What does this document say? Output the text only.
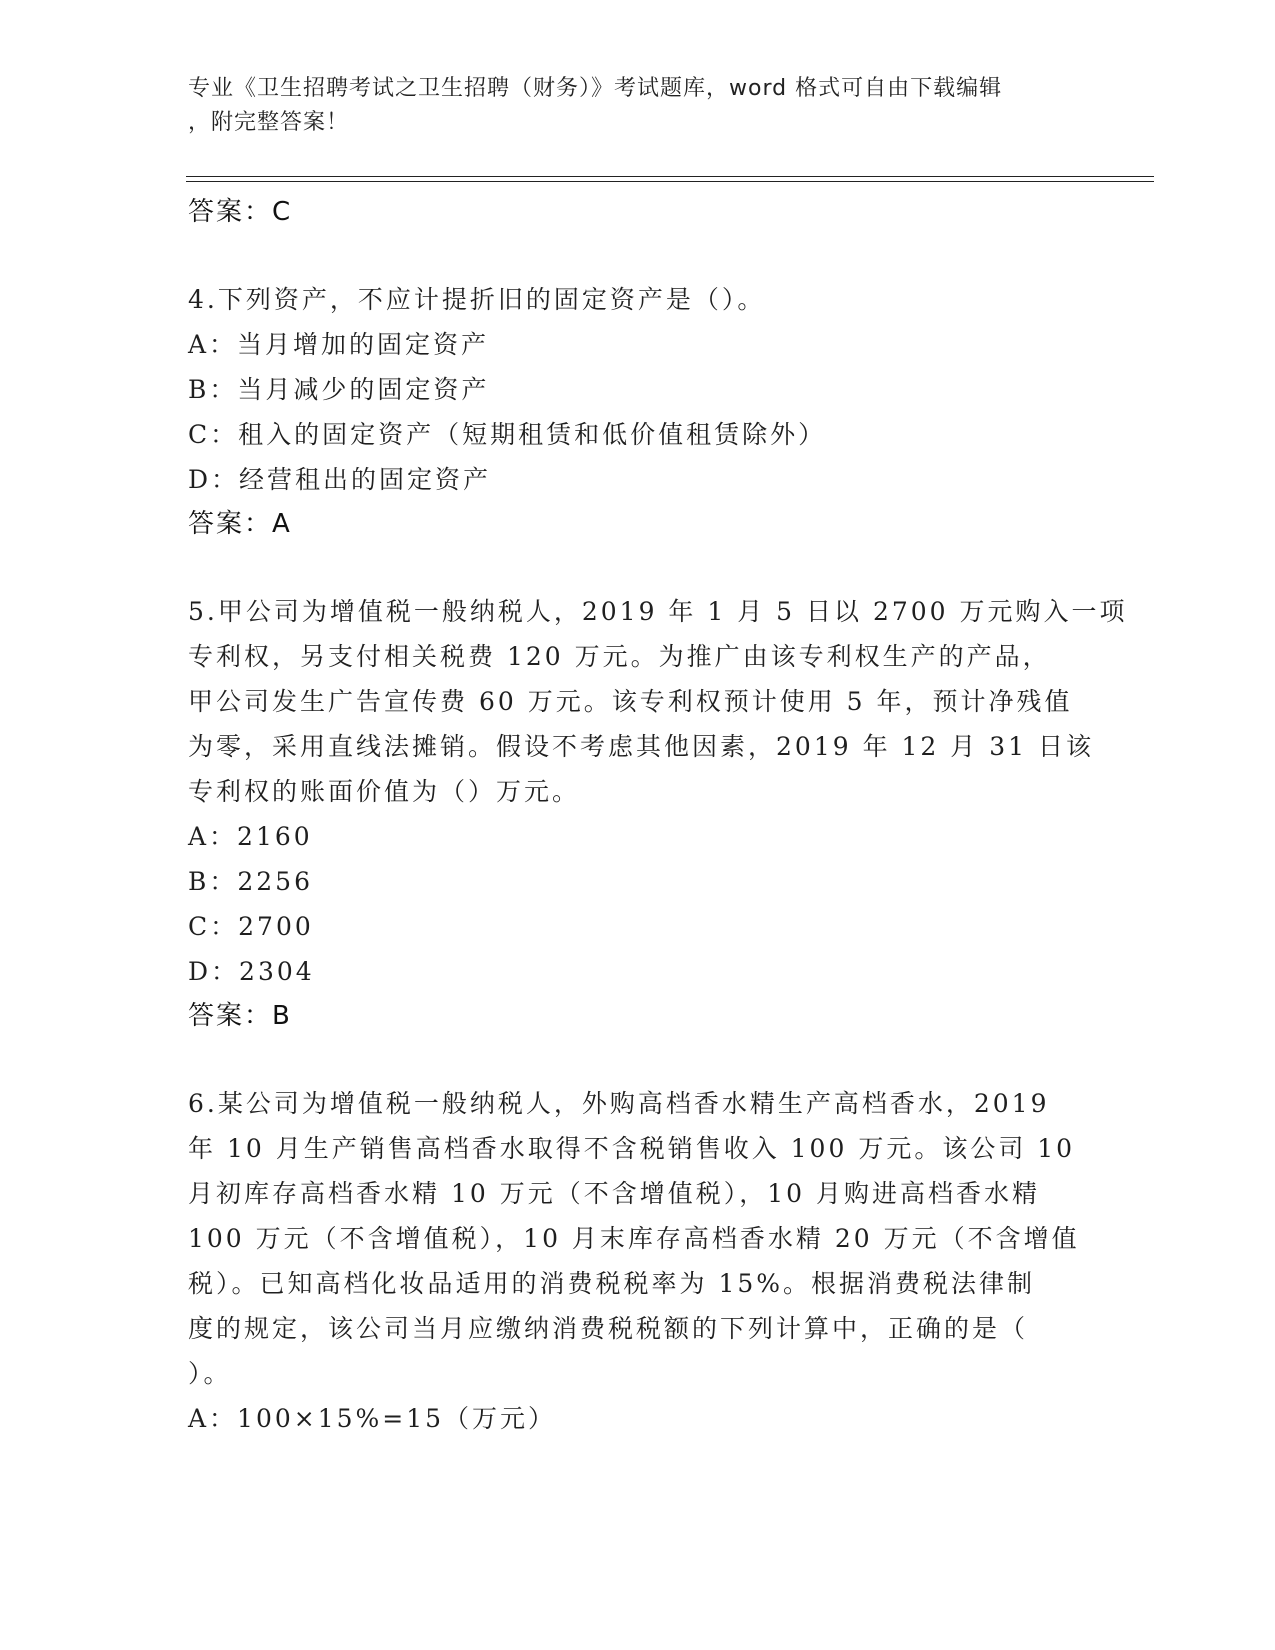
专业《卫生招聘考试之卫生招聘（财务）》考试题库，word 格式可自由下载编辑
，附完整答案！
答案：C
4.下列资产，不应计提折旧的固定资产是（）。
A：当月增加的固定资产
B：当月减少的固定资产
C：租入的固定资产（短期租赁和低价值租赁除外）
D：经营租出的固定资产
答案：A
5.甲公司为增值税一般纳税人，2019 年 1 月 5 日以 2700 万元购入一项
专利权，另支付相关税费 120 万元。为推广由该专利权生产的产品，
甲公司发生广告宣传费 60 万元。该专利权预计使用 5 年，预计净残值
为零，采用直线法摊销。假设不考虑其他因素，2019 年 12 月 31 日该
专利权的账面价值为（）万元。
A：2160
B：2256
C：2700
D：2304
答案：B
6.某公司为增值税一般纳税人，外购高档香水精生产高档香水，2019
年 10 月生产销售高档香水取得不含税销售收入 100 万元。该公司 10
月初库存高档香水精 10 万元（不含增值税），10 月购进高档香水精
100 万元（不含增值税），10 月末库存高档香水精 20 万元（不含增值
税）。已知高档化妆品适用的消费税税率为 15%。根据消费税法律制
度的规定，该公司当月应缴纳消费税税额的下列计算中，正确的是（
）。
A：100×15%=15（万元）
